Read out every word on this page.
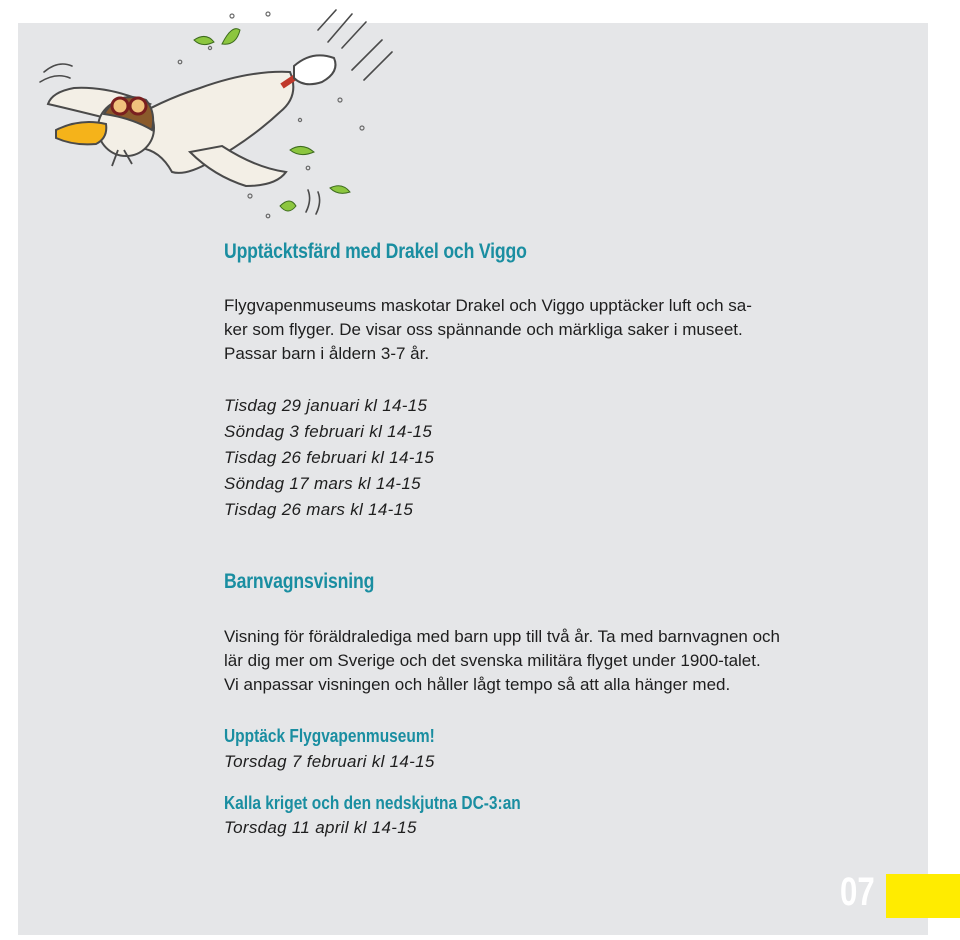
Upptäcktsfärd med Drakel och Viggo

Flygvapenmuseums maskotar Drakel och Viggo upptäcker luft och sa-
ker som flyger. De visar oss spännande och märkliga saker i museet.
Passar barn i åldern 3-7 år.

Tisdag 29 januari kl 14-15
Söndag 3 februari kl 14-15
Tisdag 26 februari kl 14-15
Söndag 17 mars kl 14-15
Tisdag 26 mars kl 14-15
Barnvagnsvisning

Visning för föräldralediga med barn upp till två år. Ta med barnvagnen och
lär dig mer om Sverige och det svenska militära flyget under 1900-talet.
Vi anpassar visningen och håller lågt tempo så att alla hänger med.

Upptäck Flygvapenmuseum!

Torsdag 7 februari kl 14-15

Kalla kriget och den nedskjutna DC-3:an

Torsdag 11 april kl 14-15

07
